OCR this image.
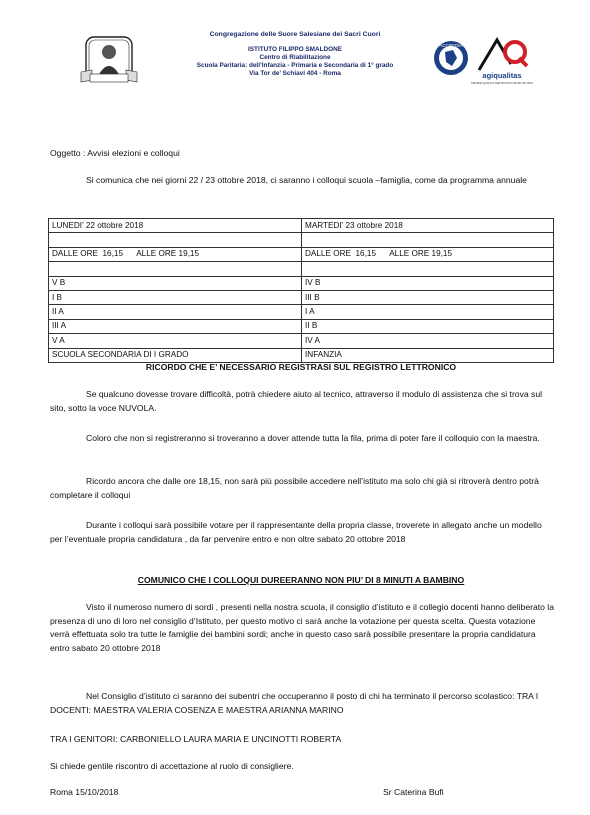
Congregazione delle Suore Salesiane dei Sacri Cuori
ISTITUTO FILIPPO SMALDONE
Centro di Riabilitazione
Scuola Paritaria: dell’Infanzia - Primaria e Secondaria di 1° grado
Via Tor de’ Schiavi 404 - Roma
ACCREDIA
agiqualitas
SISTEMA QUALITÀ CERTIFICATO UNI EN ISO 9001
Oggetto : Avvisi elezioni e colloqui
Si comunica che nei giorni 22 / 23 ottobre 2018, ci saranno i colloqui scuola –famiglia, come da programma annuale
LUNEDI’ 22 ottobre 2018	MARTEDI’ 23 ottobre 2018

DALLE ORE  16,15      ALLE ORE 19,15	DALLE ORE  16,15      ALLE ORE 19,15

V B	IV B
I B	III B
II A	I A
III A	II B
V A	IV A
SCUOLA SECONDARIA DI I GRADO	INFANZIA
RICORDO CHE E’ NECESSARIO REGISTRASI SUL REGISTRO LETTRONICO
Se qualcuno dovesse trovare difficoltà, potrà chiedere aiuto al tecnico, attraverso il modulo di assistenza che si trova sul sito, sotto la voce NUVOLA.
Coloro che non si registreranno si troveranno a dover attende tutta la fila, prima di poter fare il colloquio con la maestra.
Ricordo ancora che dalle ore 18,15, non sarà più possibile accedere nell’istituto ma solo chi già si ritroverà dentro potrà completare il colloqui
Durante i colloqui sarà possibile votare per il rappresentante della propria classe, troverete in allegato anche un modello per l’eventuale propria candidatura , da far pervenire entro e non oltre sabato 20 ottobre 2018
COMUNICO CHE I COLLOQUI DUREERANNO NON PIU’ DI 8 MINUTI A BAMBINO
Visto il numeroso numero di sordi , presenti nella nostra scuola, il consiglio d’istituto e il collegio docenti hanno deliberato la presenza di uno di loro nel consiglio d’Istituto, per questo motivo ci sarà anche la votazione per questa scelta. Questa votazione verrà effettuata solo tra tutte le famiglie dei bambini sordi; anche in questo caso sarà possibile presentare la propria candidatura entro sabato 20 ottobre 2018
Nel Consiglio d’istituto ci saranno dei subentri che occuperanno il posto di chi ha terminato il percorso scolastico: TRA I DOCENTI: MAESTRA VALERIA COSENZA E MAESTRA ARIANNA MARINO
TRA I GENITORI: CARBONIELLO LAURA MARIA E UNCINOTTI ROBERTA
Si chiede gentile riscontro di accettazione al ruolo di consigliere.
Roma 15/10/2018	Sr Caterina Bufi
